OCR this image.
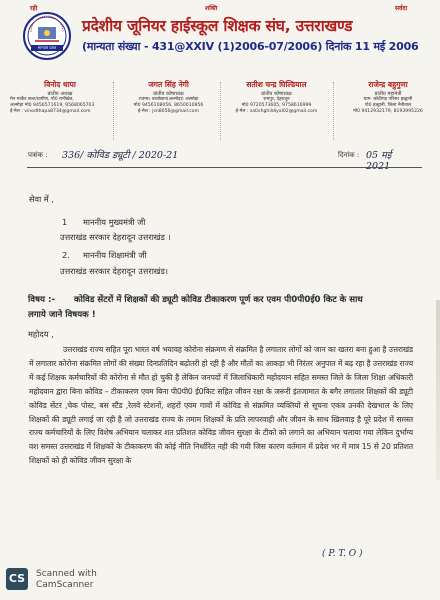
रही	शक्ति	सर्वदा
मान्यता प्राप्त
प्रदेशीय जूनियर हाईस्कूल शिक्षक संघ, उत्तराखण्ड
(मान्यता संख्या - 431@XXIV (1)2006-07/2006) दिनांक 11 मई 2006
विनोद थापा
प्रांतीय अध्यक्ष
मेन मार्केट सल्ट/ग्रामीण, पौ0 रानीखेत,
अल्मोड़ा मो0 9456571619, 9568065703
ई-मेल : vinodthapa8734@gmail.com
जगत सिंह नेगी
प्रांतीय कोषाध्यक्ष
राउमा० बालोद्यान(अल्मोड़ा) अल्मोड़ा
मो0 9456108056, 8650010856
ई-मेल : jsn8056@gmail.com
सतीश चन्द्र घिल्डियाल
प्रांतीय कोषाध्यक्ष
रामपुर, देहरादून
मो0 9720573605, 9758616999
ई-मेल : satishghildiyal02@gmail.com
राजेन्द्र बहुगुणा
प्रांतीय महामंत्री
ग्राम- कोठीगड़ परिसर हल्द्वानी
पो0 हल्द्वानी, जिला नैनीताल
मो0 9412932179, 8193995226
पत्रांक : 336/ कोविड ड्यूटी / 2020-21	दिनांक : 05 मई 2021
सेवा में ,
1 माननीय मुख्यमंत्री जी
उत्तराखंड सरकार देहरादून उत्तराखंड ।
2. माननीय शिक्षामंत्री जी
उत्तराखंड सरकार देहरादून उत्तराखंड।
विषय :- कोविड सेंटरों में शिक्षकों की ड्यूटी कोविड टीकाकरण पूर्ण कर एवम पी0पी0ई0 किट के साथ
लगाये जाने विषयक !
महोदय ,
उत्तराखंड राज्य सहित पूरा भारत वर्ष भयावह कोरोना संक्रमण से संक्रमित है लगातार लोगों को जान का खतरा बना हुआ है उत्तराखंड में लगातार कोरोना संक्रमित लोगों की संख्या दिनप्रतिदिन बढ़ोतरी हो रही है और मौतों का आकड़ा भी निरंतर अनुपात में बढ़ रहा है उत्तराखंड राज्य में कई शिक्षक कर्मचारियों की कोरोना से मौत हो चुकी है लेकिन जनपदों में जिलाधिकारी महोदयान सहित समस्त जिले के जिला शिक्षा अधिकारी महोदयान द्वारा बिना कोविड – टीकाकरण एवम बिना पी0पी0 ई0किट सहित जीवन रक्षा के जरूरी इंतजामात के बगैर लगातार शिक्षकों की ड्यूटी कोविड सेंटर ,चेक पोस्ट, बस स्टैंड ,रेलवे स्टेशनों, शहरों एवम गावों में कोविड से संक्रमित व्यक्तियों से सूचना एकत्र उनकी देखभाल के लिए शिक्षकों की ड्यूटी लगाई जा रही है जो उत्तराखंड राज्य के तमाम शिक्षकों के प्रति लापरवाही और जीवन के साथ खिलवाड़ है पूरे प्रदेश में समस्त राज्य कर्मचारियों के लिए विशेष अभियान चलाकर शत प्रतिशत कोविड जीवन सुरक्षा के टीको को लगाने का अभियान चलाया गया लेकिन दुर्भाग्य वश समस्त उत्तराखंड में शिक्षकों के टीकाकरण की कोई नीति निर्धारित नही की गयी जिस कारण वर्तमान में प्रदेश भर में मात्र 15 से 20 प्रतिशत शिक्षकों को ही कोविड जीवन सुरक्षा के
( P. T. O )
CS	Scanned with
CamScanner
